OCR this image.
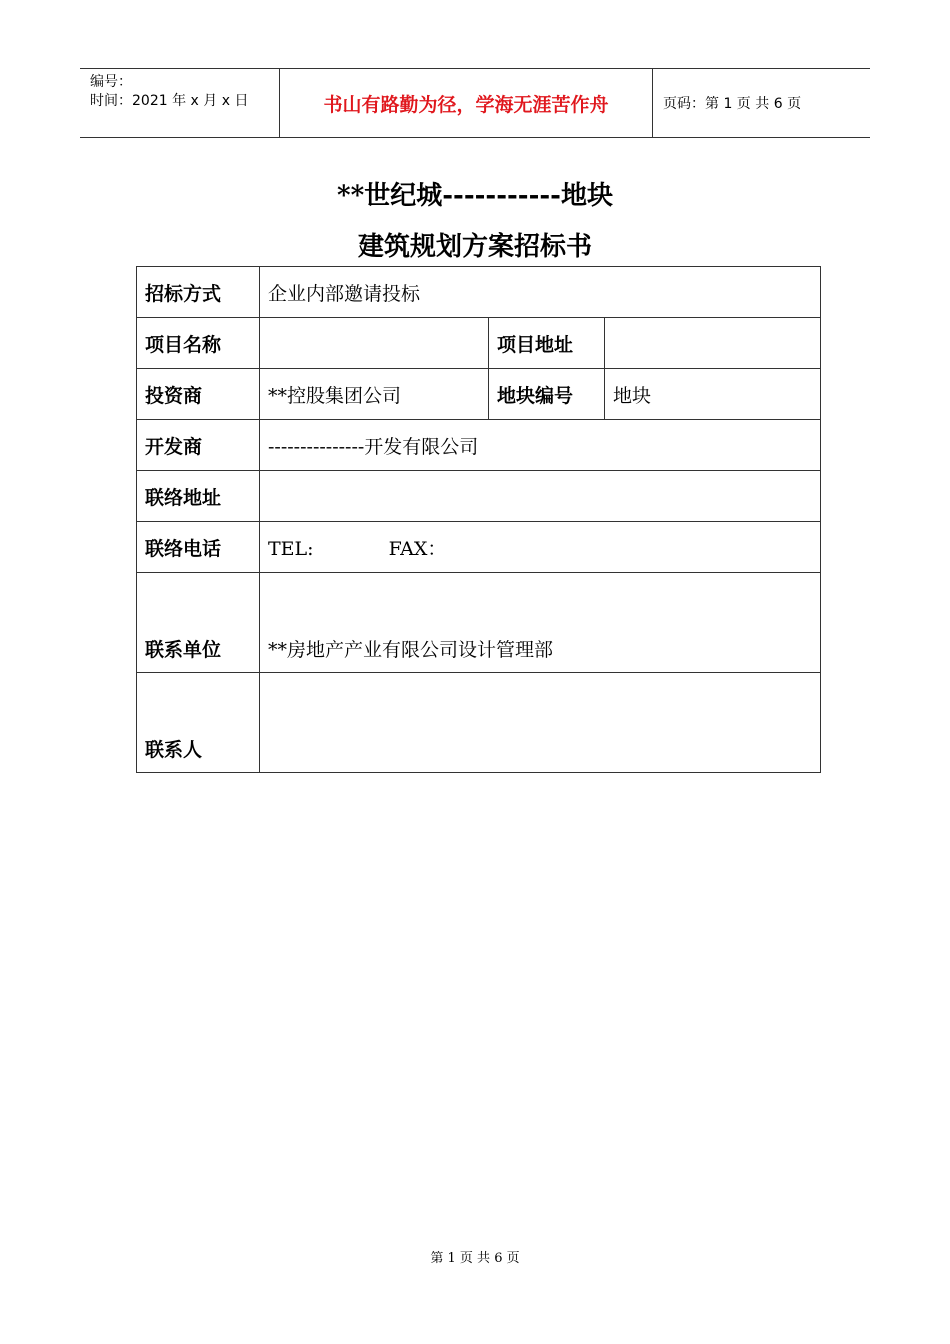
编号：
时间：2021 年 x 月 x 日	书山有路勤为径，学海无涯苦作舟	页码：第 1 页 共 6 页
**世纪城-----------地块
建筑规划方案招标书
招标方式	企业内部邀请投标		
项目名称		项目地址	
投资商	**控股集团公司	地块编号	地块
开发商	---------------开发有限公司		
联络地址			
联络电话	TEL: FAX：		
联系单位	**房地产产业有限公司设计管理部		
联系人			
第 1 页 共 6 页
